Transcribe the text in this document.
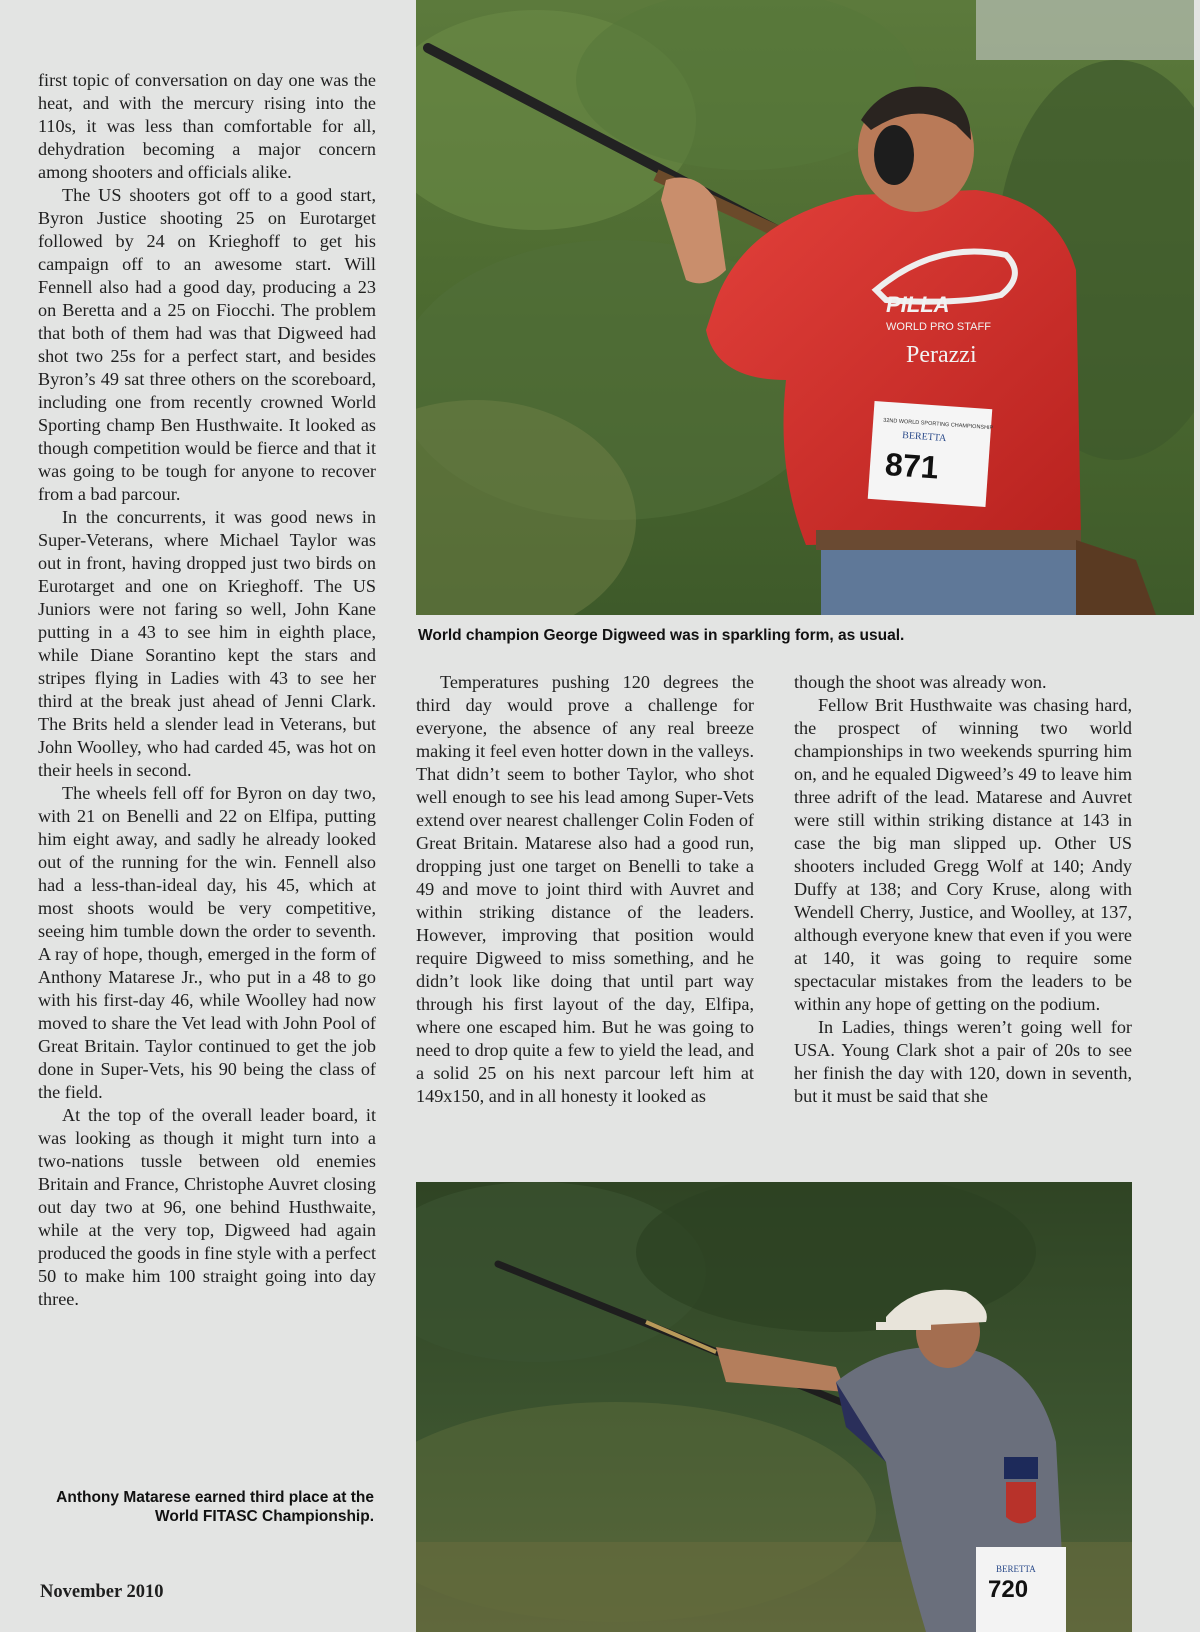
first topic of conversation on day one was the heat, and with the mercury rising into the 110s, it was less than comfortable for all, dehydration becoming a major concern among shooters and officials alike.

The US shooters got off to a good start, Byron Justice shooting 25 on Eurotarget followed by 24 on Krieghoff to get his campaign off to an awesome start. Will Fennell also had a good day, producing a 23 on Beretta and a 25 on Fiocchi. The problem that both of them had was that Digweed had shot two 25s for a perfect start, and besides Byron’s 49 sat three others on the scoreboard, including one from recently crowned World Sporting champ Ben Husthwaite. It looked as though competition would be fierce and that it was going to be tough for anyone to recover from a bad parcour.

In the concurrents, it was good news in Super-Veterans, where Michael Taylor was out in front, having dropped just two birds on Eurotarget and one on Krieghoff. The US Juniors were not faring so well, John Kane putting in a 43 to see him in eighth place, while Diane Sorantino kept the stars and stripes flying in Ladies with 43 to see her third at the break just ahead of Jenni Clark. The Brits held a slender lead in Veterans, but John Woolley, who had carded 45, was hot on their heels in second.

The wheels fell off for Byron on day two, with 21 on Benelli and 22 on Elfipa, putting him eight away, and sadly he already looked out of the running for the win. Fennell also had a less-than-ideal day, his 45, which at most shoots would be very competitive, seeing him tumble down the order to seventh. A ray of hope, though, emerged in the form of Anthony Matarese Jr., who put in a 48 to go with his first-day 46, while Woolley had now moved to share the Vet lead with John Pool of Great Britain. Taylor continued to get the job done in Super-Vets, his 90 being the class of the field.

At the top of the overall leader board, it was looking as though it might turn into a two-nations tussle between old enemies Britain and France, Christophe Auvret closing out day two at 96, one behind Husthwaite, while at the very top, Digweed had again produced the goods in fine style with a perfect 50 to make him 100 straight going into day three.

Anthony Matarese earned third place at the World FITASC Championship.
November 2010
PILLA
WORLD PRO STAFF
Perazzi
32ND WORLD SPORTING CHAMPIONSHIP
BERETTA
871
World champion George Digweed was in sparkling form, as usual.

Temperatures pushing 120 degrees the third day would prove a challenge for everyone, the absence of any real breeze making it feel even hotter down in the valleys. That didn’t seem to bother Taylor, who shot well enough to see his lead among Super-Vets extend over nearest challenger Colin Foden of Great Britain. Matarese also had a good run, dropping just one target on Benelli to take a 49 and move to joint third with Auvret and within striking distance of the leaders. However, improving that position would require Digweed to miss something, and he didn’t look like doing that until part way through his first layout of the day, Elfipa, where one escaped him. But he was going to need to drop quite a few to yield the lead, and a solid 25 on his next parcour left him at 149x150, and in all honesty it looked as

though the shoot was already won.

Fellow Brit Husthwaite was chasing hard, the prospect of winning two world championships in two weekends spurring him on, and he equaled Digweed’s 49 to leave him three adrift of the lead. Matarese and Auvret were still within striking distance at 143 in case the big man slipped up. Other US shooters included Gregg Wolf at 140; Andy Duffy at 138; and Cory Kruse, along with Wendell Cherry, Justice, and Woolley, at 137, although everyone knew that even if you were at 140, it was going to require some spectacular mistakes from the leaders to be within any hope of getting on the podium.

In Ladies, things weren’t going well for USA. Young Clark shot a pair of 20s to see her finish the day with 120, down in seventh, but it must be said that she

BERETTA
720
